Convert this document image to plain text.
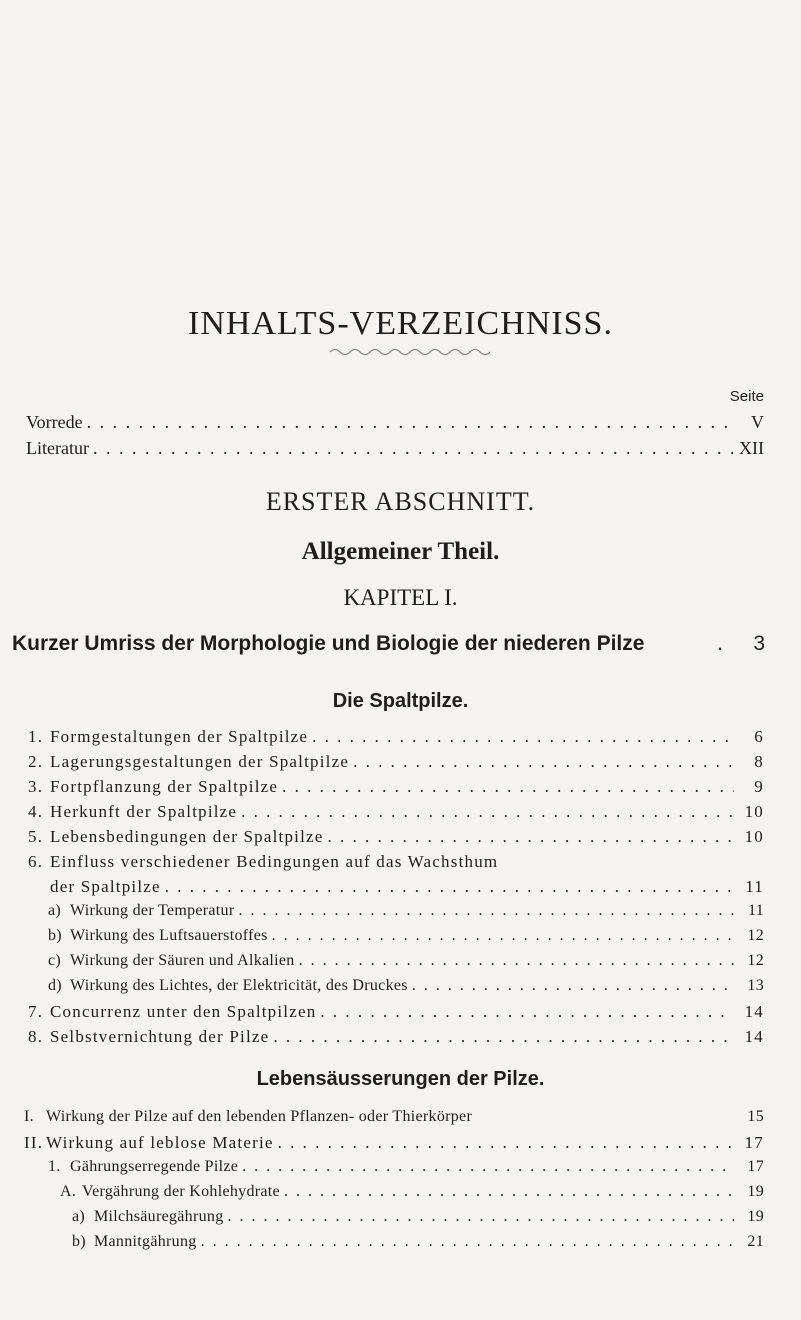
INHALTS-VERZEICHNISS.
Seite
Vorrede . . .	V
Literatur . . .	XII
ERSTER ABSCHNITT.
Allgemeiner Theil.
KAPITEL I.
Kurzer Umriss der Morphologie und Biologie der niederen Pilze	.	3
Die Spaltpilze.
1. Formgestaltungen der Spaltpilze . . .	6
2. Lagerungsgestaltungen der Spaltpilze . . .	8
3. Fortpflanzung der Spaltpilze . . .	9
4. Herkunft der Spaltpilze . . .	10
5. Lebensbedingungen der Spaltpilze . . .	10
6. Einfluss verschiedener Bedingungen auf das Wachsthum
der Spaltpilze . . .	11
a) Wirkung der Temperatur . . .	11
b) Wirkung des Luftsauerstoffes . . .	12
c) Wirkung der Säuren und Alkalien . . .	12
d) Wirkung des Lichtes, der Elektricität, des Druckes . . .	13
7. Concurrenz unter den Spaltpilzen . . .	14
Lebensäusserungen der Pilze.
8. Selbstvernichtung der Pilze . . .	14
I. Wirkung der Pilze auf den lebenden Pflanzen- oder Thierkörper	15
II. Wirkung auf leblose Materie . . .	17
1. Gährungserregende Pilze . . .	17
A. Vergährung der Kohlehydrate . . .	19
a) Milchsäuregährung . . .	19
b) Mannitgährung . . .	21
